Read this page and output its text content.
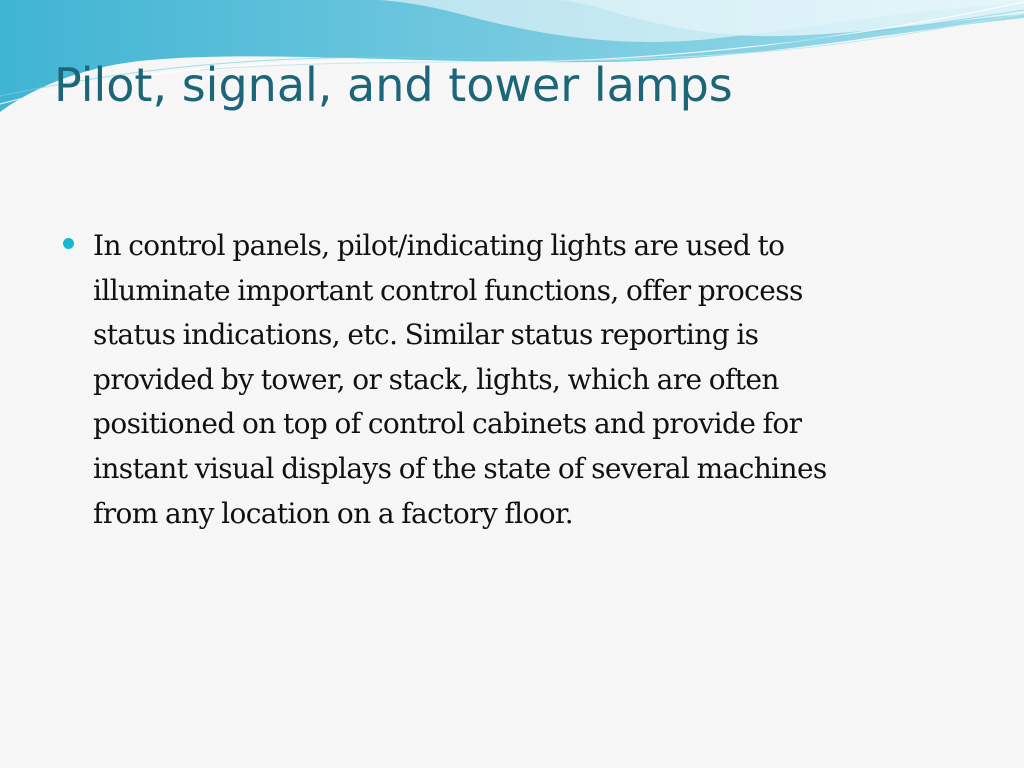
Pilot, signal, and tower lamps
In control panels, pilot/indicating lights are used to
illuminate important control functions, offer process
status indications, etc. Similar status reporting is
provided by tower, or stack, lights, which are often
positioned on top of control cabinets and provide for
instant visual displays of the state of several machines
from any location on a factory floor.
